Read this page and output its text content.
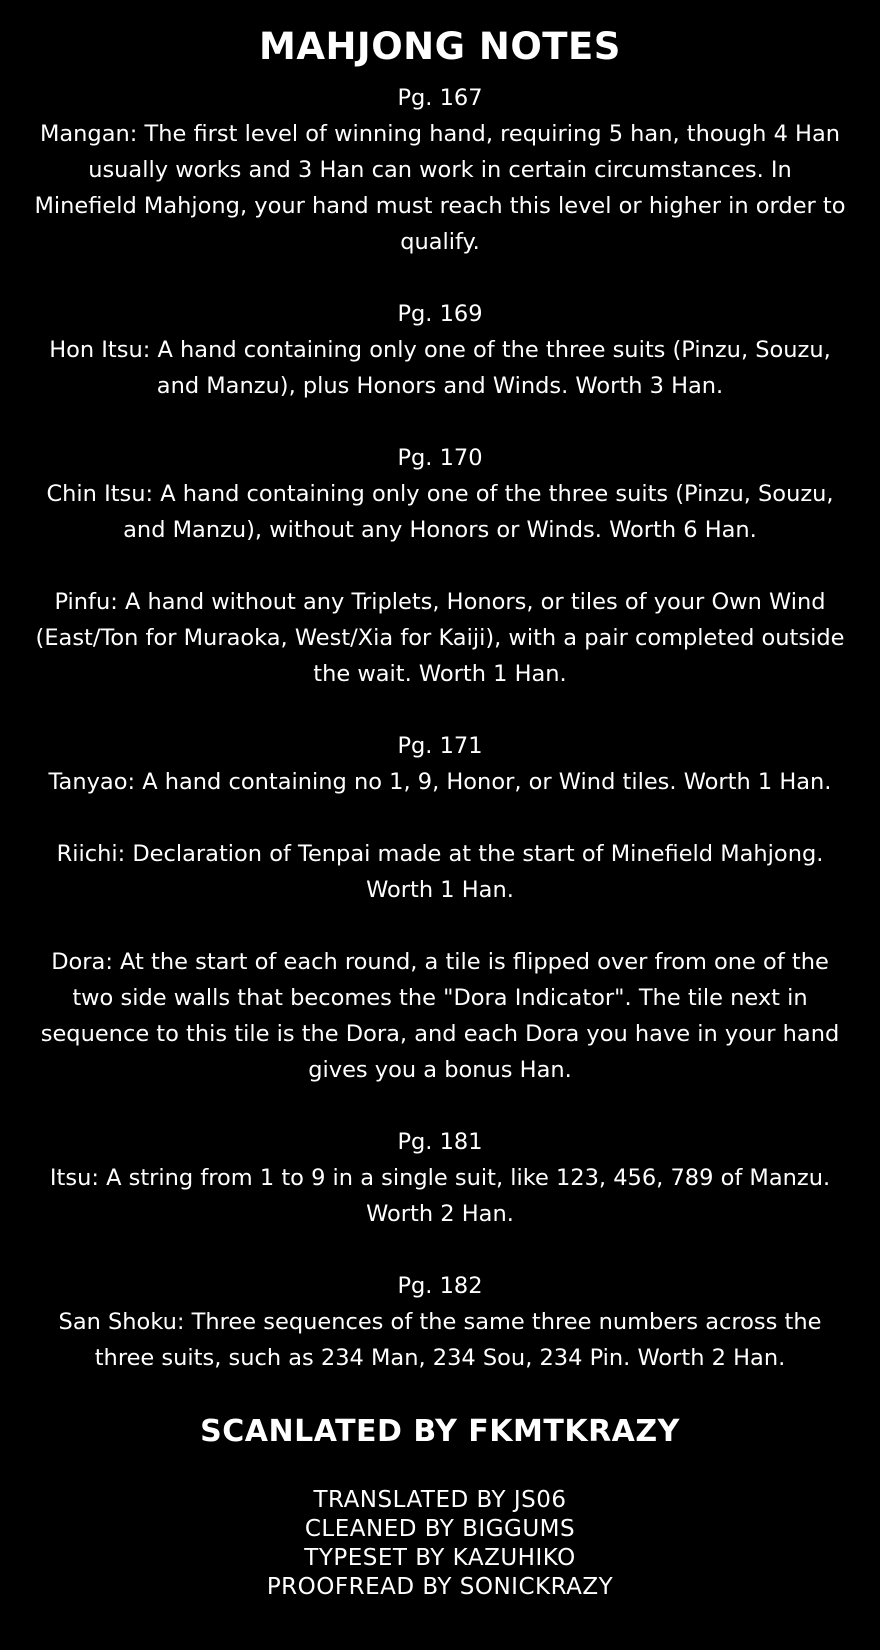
MAHJONG NOTES

Pg. 167

Mangan: The first level of winning hand, requiring 5 han, though 4 Han usually works and 3 Han can work in certain circumstances. In Minefield Mahjong, your hand must reach this level or higher in order to qualify.

Pg. 169

Hon Itsu: A hand containing only one of the three suits (Pinzu, Souzu, and Manzu), plus Honors and Winds. Worth 3 Han.

Pg. 170

Chin Itsu: A hand containing only one of the three suits (Pinzu, Souzu, and Manzu), without any Honors or Winds. Worth 6 Han.

Pinfu: A hand without any Triplets, Honors, or tiles of your Own Wind (East/Ton for Muraoka, West/Xia for Kaiji), with a pair completed outside the wait. Worth 1 Han.

Pg. 171

Tanyao: A hand containing no 1, 9, Honor, or Wind tiles. Worth 1 Han.

Riichi: Declaration of Tenpai made at the start of Minefield Mahjong. Worth 1 Han.

Dora: At the start of each round, a tile is flipped over from one of the two side walls that becomes the "Dora Indicator". The tile next in sequence to this tile is the Dora, and each Dora you have in your hand gives you a bonus Han.

Pg. 181

Itsu: A string from 1 to 9 in a single suit, like 123, 456, 789 of Manzu. Worth 2 Han.

Pg. 182

San Shoku: Three sequences of the same three numbers across the three suits, such as 234 Man, 234 Sou, 234 Pin. Worth 2 Han.

SCANLATED BY FKMTKRAZY
TRANSLATED BY JS06
CLEANED BY BIGGUMS
TYPESET BY KAZUHIKO
PROOFREAD BY SONICKRAZY
